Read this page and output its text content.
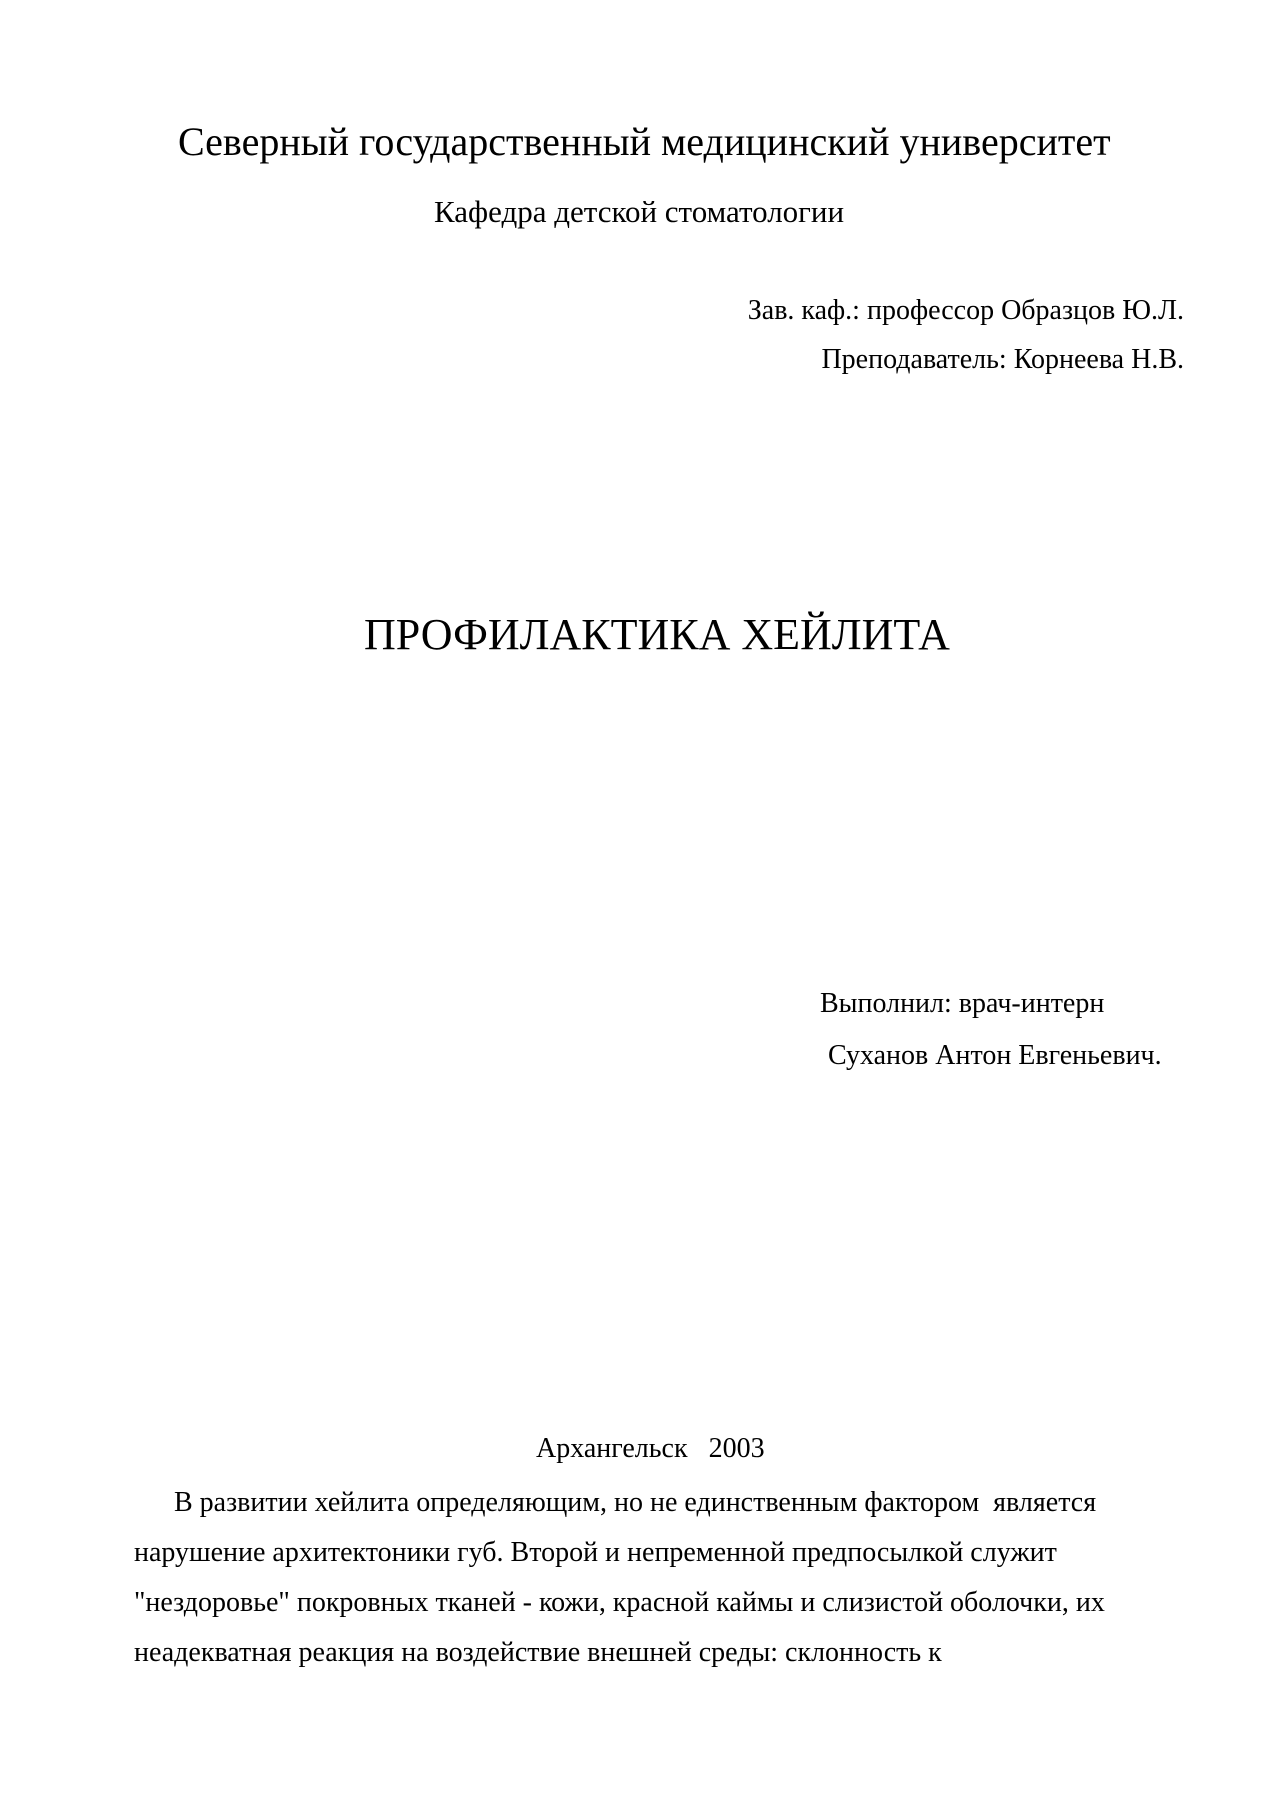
Северный государственный медицинский университет
Кафедра детской стоматологии
Зав. каф.: профессор Образцов Ю.Л.
Преподаватель: Корнеева Н.В.
ПРОФИЛАКТИКА ХЕЙЛИТА
Выполнил: врач-интерн
Суханов Антон Евгеньевич.
Архангельск   2003
В развитии хейлита определяющим, но не единственным фактором  является
нарушение архитектоники губ. Второй и непременной предпосылкой служит
"нездоровье" покровных тканей - кожи, красной каймы и слизистой оболочки, их
неадекватная реакция на воздействие внешней среды: склонность к
